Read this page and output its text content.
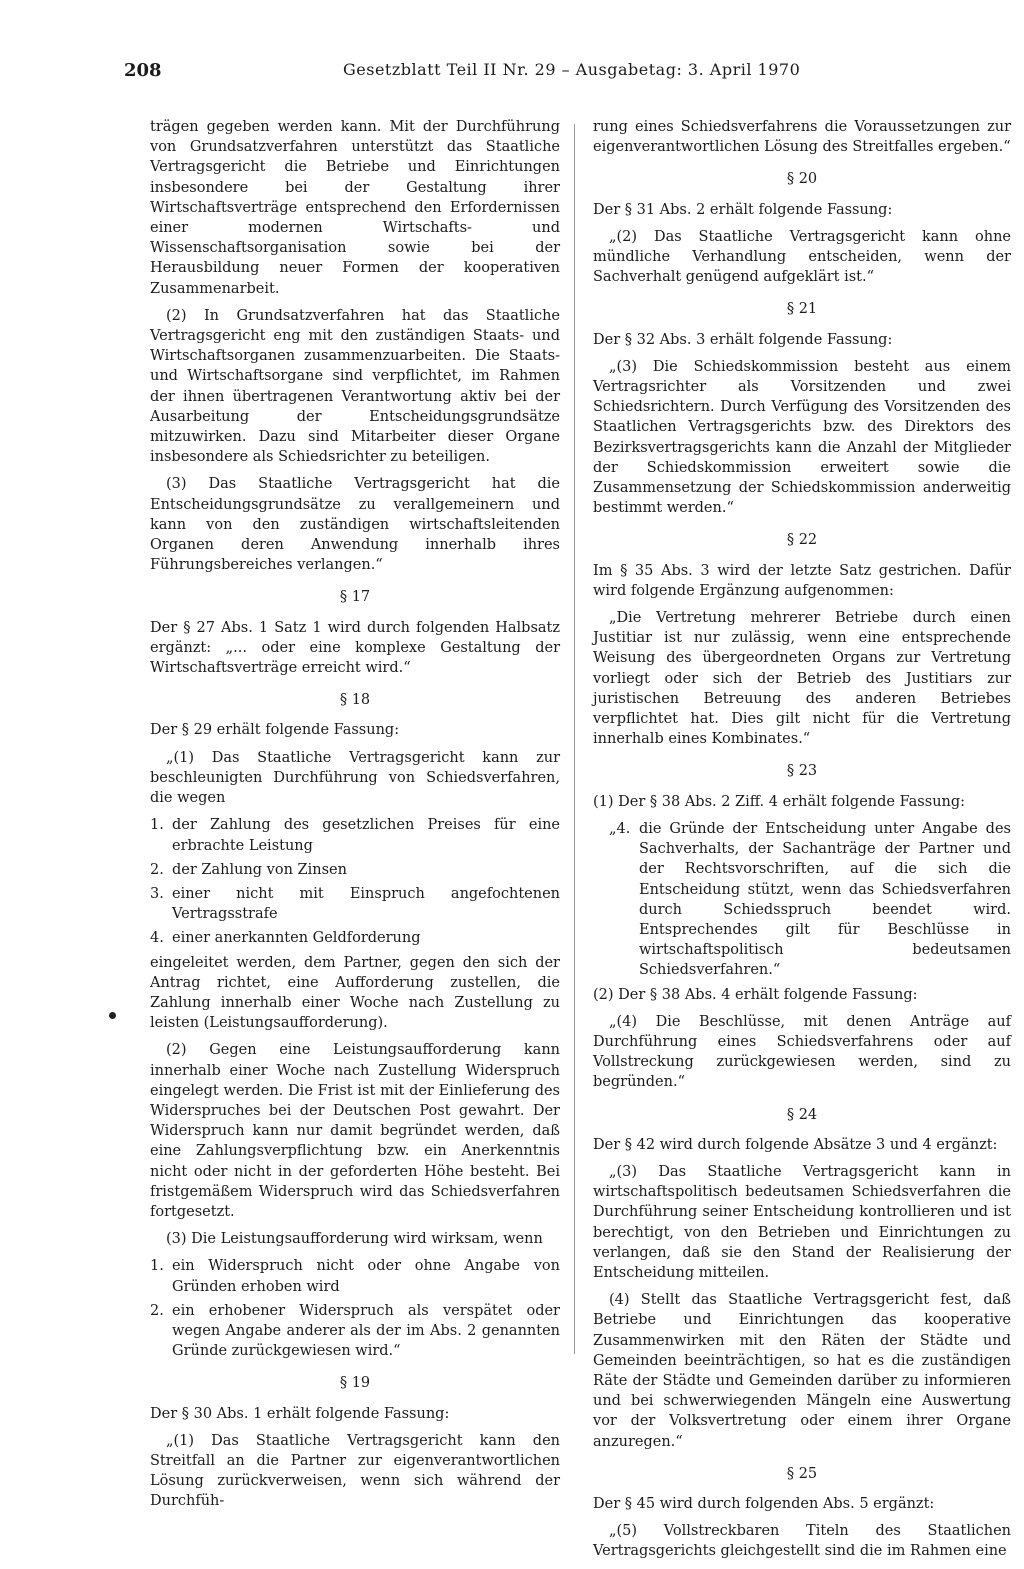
208	Gesetzblatt Teil II Nr. 29 – Ausgabetag: 3. April 1970

trägen gegeben werden kann. Mit der Durchführung von Grundsatzverfahren unterstützt das Staatliche Vertragsgericht die Betriebe und Einrichtungen insbesondere bei der Gestaltung ihrer Wirtschaftsverträge entsprechend den Erfordernissen einer modernen Wirtschafts- und Wissenschaftsorganisation sowie bei der Herausbildung neuer Formen der kooperativen Zusammenarbeit.

(2) In Grundsatzverfahren hat das Staatliche Vertragsgericht eng mit den zuständigen Staats- und Wirtschaftsorganen zusammenzuarbeiten. Die Staats- und Wirtschaftsorgane sind verpflichtet, im Rahmen der ihnen übertragenen Verantwortung aktiv bei der Ausarbeitung der Entscheidungsgrundsätze mitzuwirken. Dazu sind Mitarbeiter dieser Organe insbesondere als Schiedsrichter zu beteiligen.

(3) Das Staatliche Vertragsgericht hat die Entscheidungsgrundsätze zu verallgemeinern und kann von den zuständigen wirtschaftsleitenden Organen deren Anwendung innerhalb ihres Führungsbereiches verlangen.“

§ 17

Der § 27 Abs. 1 Satz 1 wird durch folgenden Halbsatz ergänzt: „... oder eine komplexe Gestaltung der Wirtschaftsverträge erreicht wird.“

§ 18

Der § 29 erhält folgende Fassung:

„(1) Das Staatliche Vertragsgericht kann zur beschleunigten Durchführung von Schiedsverfahren, die wegen

1. der Zahlung des gesetzlichen Preises für eine erbrachte Leistung
2. der Zahlung von Zinsen
3. einer nicht mit Einspruch angefochtenen Vertragsstrafe
4. einer anerkannten Geldforderung

eingeleitet werden, dem Partner, gegen den sich der Antrag richtet, eine Aufforderung zustellen, die Zahlung innerhalb einer Woche nach Zustellung zu leisten (Leistungsaufforderung).

(2) Gegen eine Leistungsaufforderung kann innerhalb einer Woche nach Zustellung Widerspruch eingelegt werden. Die Frist ist mit der Einlieferung des Widerspruches bei der Deutschen Post gewahrt. Der Widerspruch kann nur damit begründet werden, daß eine Zahlungsverpflichtung bzw. ein Anerkenntnis nicht oder nicht in der geforderten Höhe besteht. Bei fristgemäßem Widerspruch wird das Schiedsverfahren fortgesetzt.

(3) Die Leistungsaufforderung wird wirksam, wenn

1. ein Widerspruch nicht oder ohne Angabe von Gründen erhoben wird
2. ein erhobener Widerspruch als verspätet oder wegen Angabe anderer als der im Abs. 2 genannten Gründe zurückgewiesen wird.“
§ 19

Der § 30 Abs. 1 erhält folgende Fassung:

„(1) Das Staatliche Vertragsgericht kann den Streitfall an die Partner zur eigenverantwortlichen Lösung zurückverweisen, wenn sich während der Durchfüh-

rung eines Schiedsverfahrens die Voraussetzungen zur eigenverantwortlichen Lösung des Streitfalles ergeben.“

§ 20

Der § 31 Abs. 2 erhält folgende Fassung:

„(2) Das Staatliche Vertragsgericht kann ohne mündliche Verhandlung entscheiden, wenn der Sachverhalt genügend aufgeklärt ist.“

§ 21

Der § 32 Abs. 3 erhält folgende Fassung:

„(3) Die Schiedskommission besteht aus einem Vertragsrichter als Vorsitzenden und zwei Schiedsrichtern. Durch Verfügung des Vorsitzenden des Staatlichen Vertragsgerichts bzw. des Direktors des Bezirksvertragsgerichts kann die Anzahl der Mitglieder der Schiedskommission erweitert sowie die Zusammensetzung der Schiedskommission anderweitig bestimmt werden.“

§ 22

Im § 35 Abs. 3 wird der letzte Satz gestrichen. Dafür wird folgende Ergänzung aufgenommen:

„Die Vertretung mehrerer Betriebe durch einen Justitiar ist nur zulässig, wenn eine entsprechende Weisung des übergeordneten Organs zur Vertretung vorliegt oder sich der Betrieb des Justitiars zur juristischen Betreuung des anderen Betriebes verpflichtet hat. Dies gilt nicht für die Vertretung innerhalb eines Kombinates.“

§ 23

(1) Der § 38 Abs. 2 Ziff. 4 erhält folgende Fassung:

„4. die Gründe der Entscheidung unter Angabe des Sachverhalts, der Sachanträge der Partner und der Rechtsvorschriften, auf die sich die Entscheidung stützt, wenn das Schiedsverfahren durch Schiedsspruch beendet wird. Entsprechendes gilt für Beschlüsse in wirtschaftspolitisch bedeutsamen Schiedsverfahren.“

(2) Der § 38 Abs. 4 erhält folgende Fassung:

„(4) Die Beschlüsse, mit denen Anträge auf Durchführung eines Schiedsverfahrens oder auf Vollstreckung zurückgewiesen werden, sind zu begründen.“

§ 24

Der § 42 wird durch folgende Absätze 3 und 4 ergänzt:

„(3) Das Staatliche Vertragsgericht kann in wirtschaftspolitisch bedeutsamen Schiedsverfahren die Durchführung seiner Entscheidung kontrollieren und ist berechtigt, von den Betrieben und Einrichtungen zu verlangen, daß sie den Stand der Realisierung der Entscheidung mitteilen.

(4) Stellt das Staatliche Vertragsgericht fest, daß Betriebe und Einrichtungen das kooperative Zusammenwirken mit den Räten der Städte und Gemeinden beeinträchtigen, so hat es die zuständigen Räte der Städte und Gemeinden darüber zu informieren und bei schwerwiegenden Mängeln eine Auswertung vor der Volksvertretung oder einem ihrer Organe anzuregen.“

§ 25

Der § 45 wird durch folgenden Abs. 5 ergänzt:

„(5) Vollstreckbaren Titeln des Staatlichen Vertragsgerichts gleichgestellt sind die im Rahmen eine
